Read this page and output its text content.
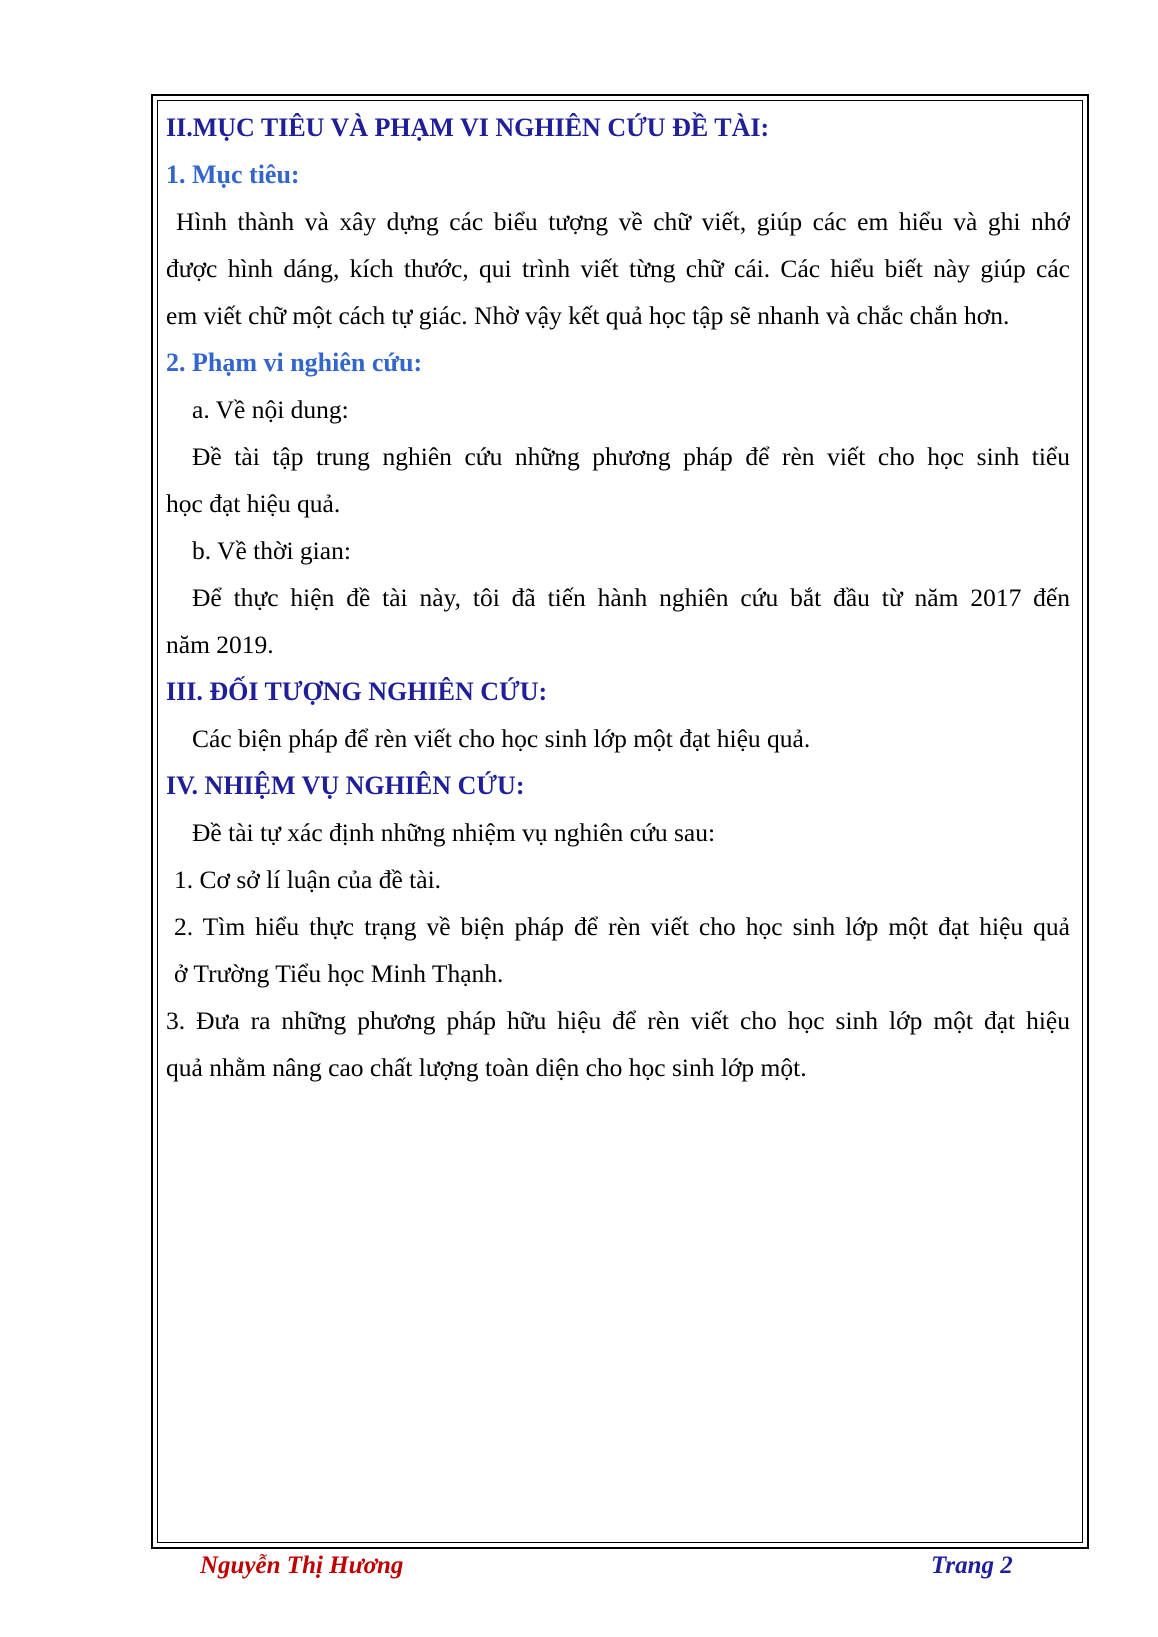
II.MỤC TIÊU VÀ PHẠM VI NGHIÊN CỨU ĐỀ TÀI:
1. Mục tiêu:
Hình thành và xây dựng các biểu tượng về chữ viết, giúp các em hiểu và ghi nhớ
được hình dáng, kích thước, qui trình viết từng chữ cái. Các hiểu biết này giúp các
em viết chữ một cách tự giác. Nhờ vậy kết quả học tập sẽ nhanh và chắc chắn hơn.
2. Phạm vi nghiên cứu:
a. Về nội dung:
Đề tài tập trung nghiên cứu những phương pháp để rèn viết cho học sinh tiểu
học đạt hiệu quả.
b. Về thời gian:
Để thực hiện đề tài này, tôi đã tiến hành nghiên cứu bắt đầu từ năm 2017 đến
năm 2019.
III. ĐỐI TƯỢNG NGHIÊN CỨU:
Các biện pháp để rèn viết cho học sinh lớp một đạt hiệu quả.
IV. NHIỆM VỤ NGHIÊN CỨU:
Đề tài tự xác định những nhiệm vụ nghiên cứu sau:
1. Cơ sở lí luận của đề tài.
2. Tìm hiểu thực trạng về biện pháp để rèn viết cho học sinh lớp một đạt hiệu quả
ở Trường Tiểu học Minh Thạnh.
3. Đưa ra những phương pháp hữu hiệu để rèn viết cho học sinh lớp một đạt hiệu
quả nhằm nâng cao chất lượng toàn diện cho học sinh lớp một.
Nguyễn Thị Hương	Trang 2
